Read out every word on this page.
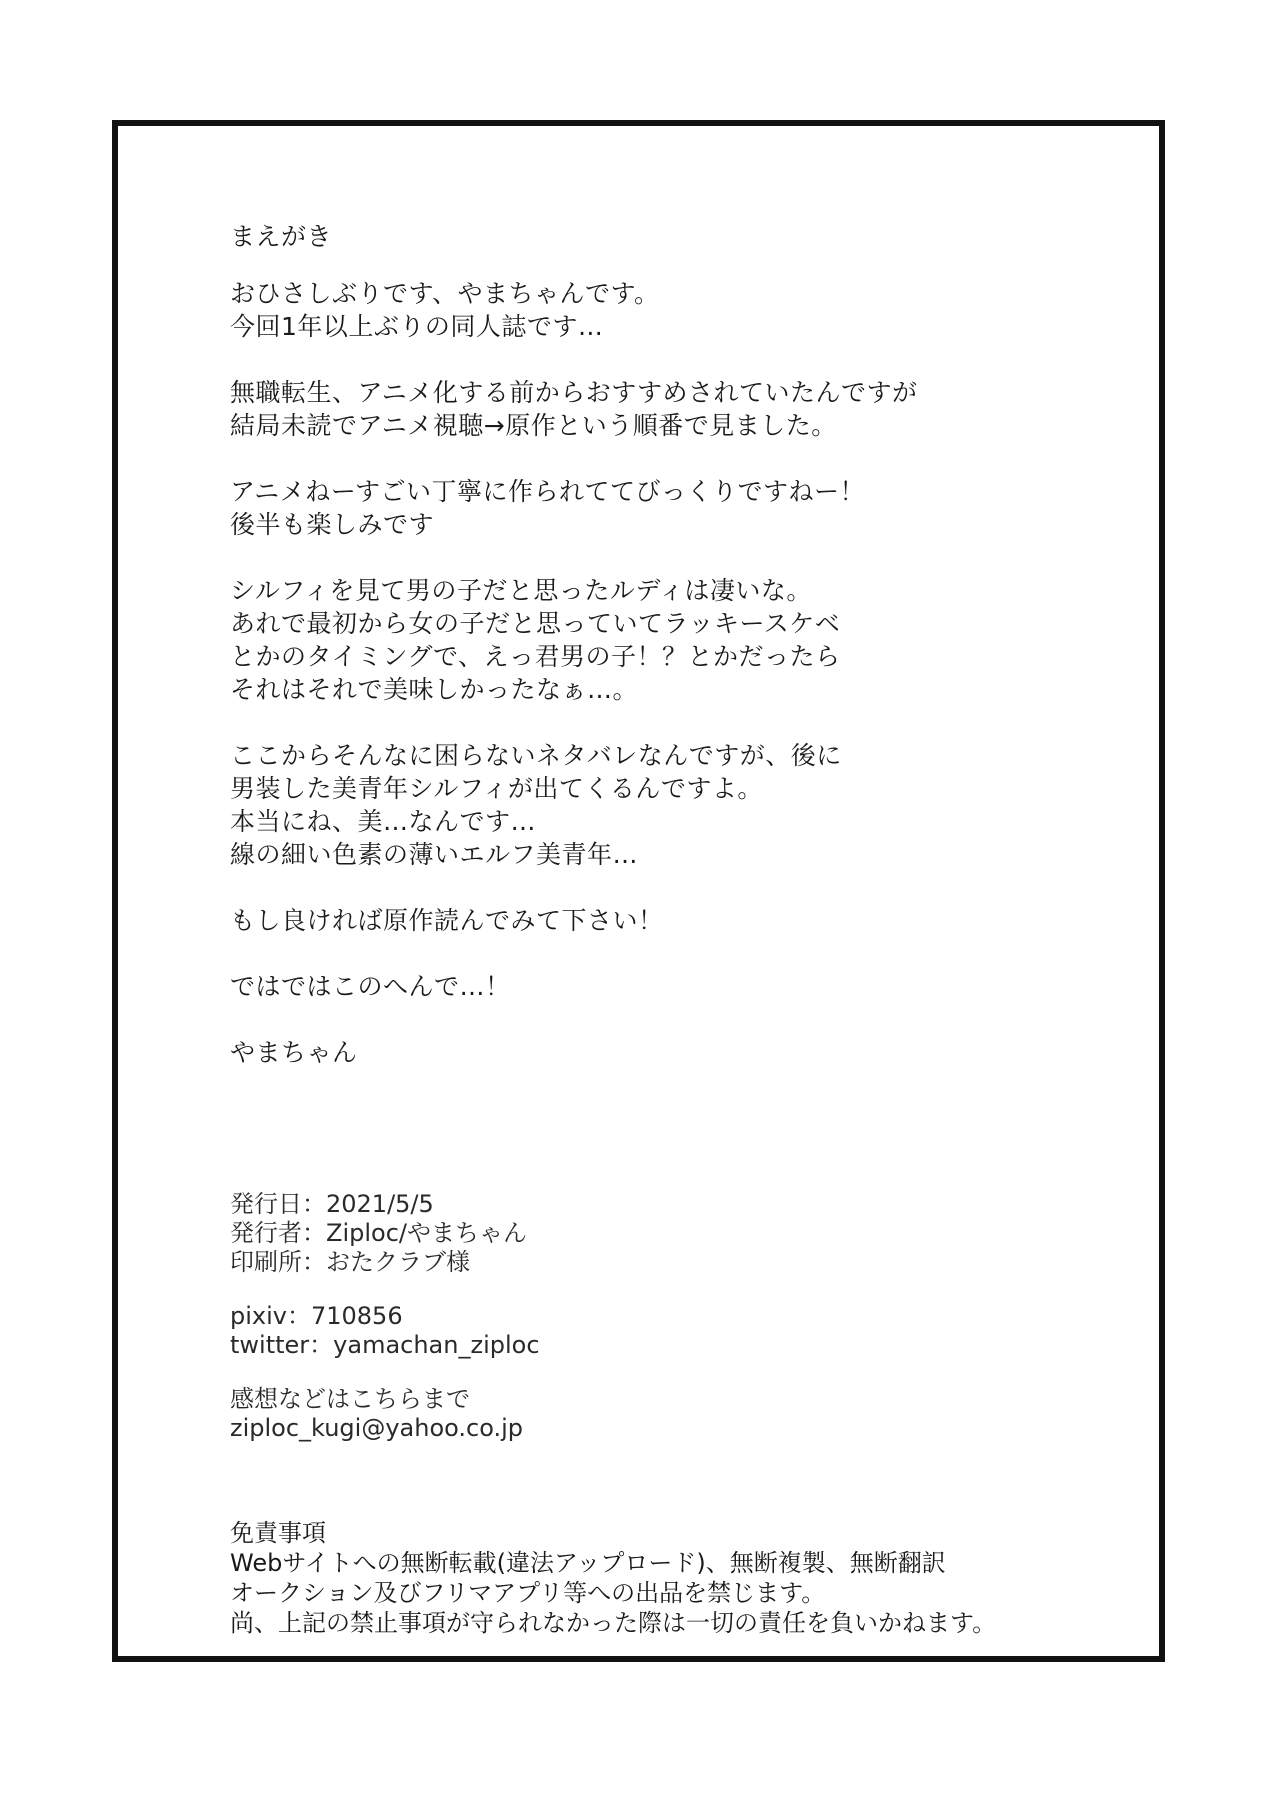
まえがき
おひさしぶりです、やまちゃんです。
今回1年以上ぶりの同人誌です…
無職転生、アニメ化する前からおすすめされていたんですが
結局未読でアニメ視聴→原作という順番で見ました。
アニメねーすごい丁寧に作られててびっくりですねー！
後半も楽しみです
シルフィを見て男の子だと思ったルディは凄いな。
あれで最初から女の子だと思っていてラッキースケベ
とかのタイミングで、えっ君男の子！？とかだったら
それはそれで美味しかったなぁ…。
ここからそんなに困らないネタバレなんですが、後に
男装した美青年シルフィが出てくるんですよ。
本当にね、美…なんです…
線の細い色素の薄いエルフ美青年…
もし良ければ原作読んでみて下さい！
ではではこのへんで…！
やまちゃん
発行日：2021/5/5
発行者：Ziploc/やまちゃん
印刷所：おたクラブ様
pixiv：710856
twitter：yamachan_ziploc
感想などはこちらまで
ziploc_kugi@yahoo.co.jp
免責事項
Webサイトへの無断転載(違法アップロード)、無断複製、無断翻訳
オークション及びフリマアプリ等への出品を禁じます。
尚、上記の禁止事項が守られなかった際は一切の責任を負いかねます。
